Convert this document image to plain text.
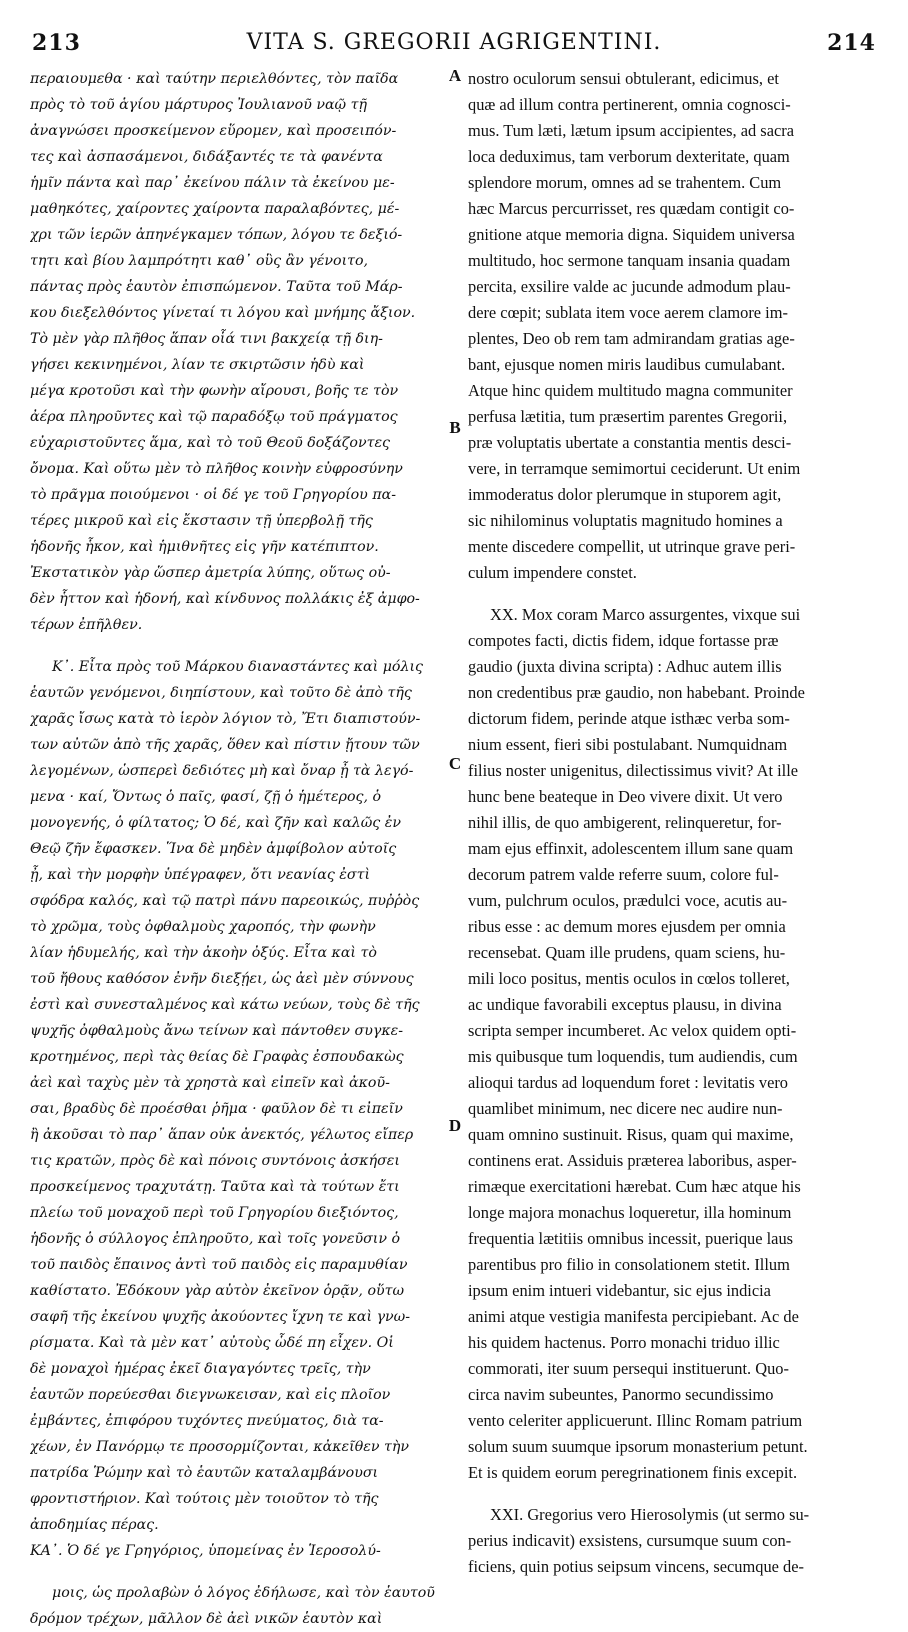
213	VITA S. GREGORII AGRIGENTINI.	214
περαιουμεθα · καὶ ταύτην περιελθόντες, τὸν παῖδα
πρὸς τὸ τοῦ ἁγίου μάρτυρος Ἰουλιανοῦ ναῷ τῇ
ἀναγνώσει προσκείμενον εὕρομεν, καὶ προσειπόν-
τες καὶ ἀσπασάμενοι, διδάξαντές τε τὰ φανέντα
ἡμῖν πάντα καὶ παρ᾽ ἐκείνου πάλιν τὰ ἐκείνου με-
μαθηκότες, χαίροντες χαίροντα παραλαβόντες, μέ-
χρι τῶν ἱερῶν ἀπηνέγκαμεν τόπων, λόγου τε δεξιό-
τητι καὶ βίου λαμπρότητι καθ᾽ οὓς ἂν γένοιτο,
πάντας πρὸς ἑαυτὸν ἐπισπώμενον. Ταῦτα τοῦ Μάρ-
κου διεξελθόντος γίνεταί τι λόγου καὶ μνήμης ἄξιον.
Τὸ μὲν γὰρ πλῆθος ἅπαν οἷά τινι βακχείᾳ τῇ διη-
γήσει κεκινημένοι, λίαν τε σκιρτῶσιν ἡδὺ καὶ
μέγα κροτοῦσι καὶ τὴν φωνὴν αἴρουσι, βοῆς τε τὸν
ἀέρα πληροῦντες καὶ τῷ παραδόξῳ τοῦ πράγματος
εὐχαριστοῦντες ἅμα, καὶ τὸ τοῦ Θεοῦ δοξάζοντες
ὄνομα. Καὶ οὕτω μὲν τὸ πλῆθος κοινὴν εὐφροσύνην
τὸ πρᾶγμα ποιούμενοι · οἱ δέ γε τοῦ Γρηγορίου πα-
τέρες μικροῦ καὶ εἰς ἔκστασιν τῇ ὑπερβολῇ τῆς
ἡδονῆς ἧκον, καὶ ἡμιθνῆτες εἰς γῆν κατέπιπτον.
Ἐκστατικὸν γὰρ ὥσπερ ἀμετρία λύπης, οὕτως οὐ-
δὲν ἧττον καὶ ἡδονή, καὶ κίνδυνος πολλάκις ἐξ ἀμφο-
τέρων ἐπῆλθεν.
Κ᾽. Εἶτα πρὸς τοῦ Μάρκου διαναστάντες καὶ μόλις
ἑαυτῶν γενόμενοι, διηπίστουν, καὶ τοῦτο δὲ ἀπὸ τῆς
χαρᾶς ἴσως κατὰ τὸ ἱερὸν λόγιον τὸ, Ἔτι διαπιστούν-
των αὐτῶν ἀπὸ τῆς χαρᾶς, ὅθεν καὶ πίστιν ᾔτουν τῶν
λεγομένων, ὡσπερεὶ δεδιότες μὴ καὶ ὄναρ ᾖ τὰ λεγό-
μενα · καί, Ὄντως ὁ παῖς, φασί, ζῇ ὁ ἡμέτερος, ὁ
μονογενής, ὁ φίλτατος; Ὁ δέ, καὶ ζῆν καὶ καλῶς ἐν
Θεῷ ζῆν ἔφασκεν. Ἵνα δὲ μηδὲν ἀμφίβολον αὐτοῖς
ᾖ, καὶ τὴν μορφὴν ὑπέγραφεν, ὅτι νεανίας ἐστὶ
σφόδρα καλός, καὶ τῷ πατρὶ πάνυ παρεοικώς, πυῤῥὸς
τὸ χρῶμα, τοὺς ὀφθαλμοὺς χαροπός, τὴν φωνὴν
λίαν ἡδυμελής, καὶ τὴν ἀκοὴν ὀξύς. Εἶτα καὶ τὸ
τοῦ ἤθους καθόσον ἐνῆν διεξῄει, ὡς ἀεὶ μὲν σύννους
ἐστὶ καὶ συνεσταλμένος καὶ κάτω νεύων, τοὺς δὲ τῆς
ψυχῆς ὀφθαλμοὺς ἄνω τείνων καὶ πάντοθεν συγκε-
κροτημένος, περὶ τὰς θείας δὲ Γραφὰς ἐσπουδακὼς
ἀεὶ καὶ ταχὺς μὲν τὰ χρηστὰ καὶ εἰπεῖν καὶ ἀκοῦ-
σαι, βραδὺς δὲ προέσθαι ῥῆμα · φαῦλον δὲ τι εἰπεῖν
ἢ ἀκοῦσαι τὸ παρ᾽ ἅπαν οὐκ ἀνεκτός, γέλωτος εἴπερ
τις κρατῶν, πρὸς δὲ καὶ πόνοις συντόνοις ἀσκήσει
προσκείμενος τραχυτάτῃ. Ταῦτα καὶ τὰ τούτων ἔτι
πλείω τοῦ μοναχοῦ περὶ τοῦ Γρηγορίου διεξιόντος,
ἡδονῆς ὁ σύλλογος ἐπληροῦτο, καὶ τοῖς γονεῦσιν ὁ
τοῦ παιδὸς ἔπαινος ἀντὶ τοῦ παιδὸς εἰς παραμυθίαν
καθίστατο. Ἐδόκουν γὰρ αὐτὸν ἐκεῖνον ὁρᾷν, οὕτω
σαφῆ τῆς ἐκείνου ψυχῆς ἀκούοντες ἴχνη τε καὶ γνω-
ρίσματα. Καὶ τὰ μὲν κατ᾽ αὐτοὺς ὧδέ πη εἶχεν. Οἱ
δὲ μοναχοὶ ἡμέρας ἐκεῖ διαγαγόντες τρεῖς, τὴν
ἑαυτῶν πορεύεσθαι διεγνωκεισαν, καὶ εἰς πλοῖον
ἐμβάντες, ἐπιφόρου τυχόντες πνεύματος, διὰ τα-
χέων, ἐν Πανόρμῳ τε προσορμίζονται, κἀκεῖθεν τὴν
πατρίδα Ῥώμην καὶ τὸ ἑαυτῶν καταλαμβάνουσι
φροντιστήριον. Καὶ τούτοις μὲν τοιοῦτον τὸ τῆς
ἀποδημίας πέρας.
ΚΑ᾽. Ὁ δέ γε Γρηγόριος, ὑπομείνας ἐν Ἱεροσολύ-
μοις, ὡς προλαβὼν ὁ λόγος ἐδήλωσε, καὶ τὸν ἑαυτοῦ
δρόμον τρέχων, μᾶλλον δὲ ἀεὶ νικῶν ἑαυτὸν καὶ
nostro oculorum sensui obtulerant, edicimus, et
quæ ad illum contra pertinerent, omnia cognosci-
mus. Tum læti, lætum ipsum accipientes, ad sacra
loca deduximus, tam verborum dexteritate, quam
splendore morum, omnes ad se trahentem. Cum
hæc Marcus percurrisset, res quædam contigit co-
gnitione atque memoria digna. Siquidem universa
multitudo, hoc sermone tanquam insania quadam
percita, exsilire valde ac jucunde admodum plau-
dere cœpit; sublata item voce aerem clamore im-
plentes, Deo ob rem tam admirandam gratias age-
bant, ejusque nomen miris laudibus cumulabant.
Atque hinc quidem multitudo magna communiter
perfusa lætitia, tum præsertim parentes Gregorii,
præ voluptatis ubertate a constantia mentis desci-
vere, in terramque semimortui ceciderunt. Ut enim
immoderatus dolor plerumque in stuporem agit,
sic nihilominus voluptatis magnitudo homines a
mente discedere compellit, ut utrinque grave peri-
culum impendere constet.
XX. Mox coram Marco assurgentes, vixque sui
compotes facti, dictis fidem, idque fortasse præ
gaudio (juxta divina scripta) : Adhuc autem illis
non credentibus præ gaudio, non habebant. Proinde
dictorum fidem, perinde atque isthæc verba som-
nium essent, fieri sibi postulabant. Numquidnam
filius noster unigenitus, dilectissimus vivit? At ille
hunc bene beateque in Deo vivere dixit. Ut vero
nihil illis, de quo ambigerent, relinqueretur, for-
mam ejus effinxit, adolescentem illum sane quam
decorum patrem valde referre suum, colore ful-
vum, pulchrum oculos, prædulci voce, acutis au-
ribus esse : ac demum mores ejusdem per omnia
recensebat. Quam ille prudens, quam sciens, hu-
mili loco positus, mentis oculos in cœlos tolleret,
ac undique favorabili exceptus plausu, in divina
scripta semper incumberet. Ac velox quidem opti-
mis quibusque tum loquendis, tum audiendis, cum
alioqui tardus ad loquendum foret : levitatis vero
quamlibet minimum, nec dicere nec audire nun-
quam omnino sustinuit. Risus, quam qui maxime,
continens erat. Assiduis præterea laboribus, asper-
rimæque exercitationi hærebat. Cum hæc atque his
longe majora monachus loqueretur, illa hominum
frequentia lætitiis omnibus incessit, puerique laus
parentibus pro filio in consolationem stetit. Illum
ipsum enim intueri videbantur, sic ejus indicia
animi atque vestigia manifesta percipiebant. Ac de
his quidem hactenus. Porro monachi triduo illic
commorati, iter suum persequi instituerunt. Quo-
circa navim subeuntes, Panormo secundissimo
vento celeriter applicuerunt. Illinc Romam patrium
solum suum suumque ipsorum monasterium petunt.
Et is quidem eorum peregrinationem finis excepit.
XXI. Gregorius vero Hierosolymis (ut sermo su-
perius indicavit) exsistens, cursumque suum con-
ficiens, quin potius seipsum vincens, secumque de-
A
B
C
D
